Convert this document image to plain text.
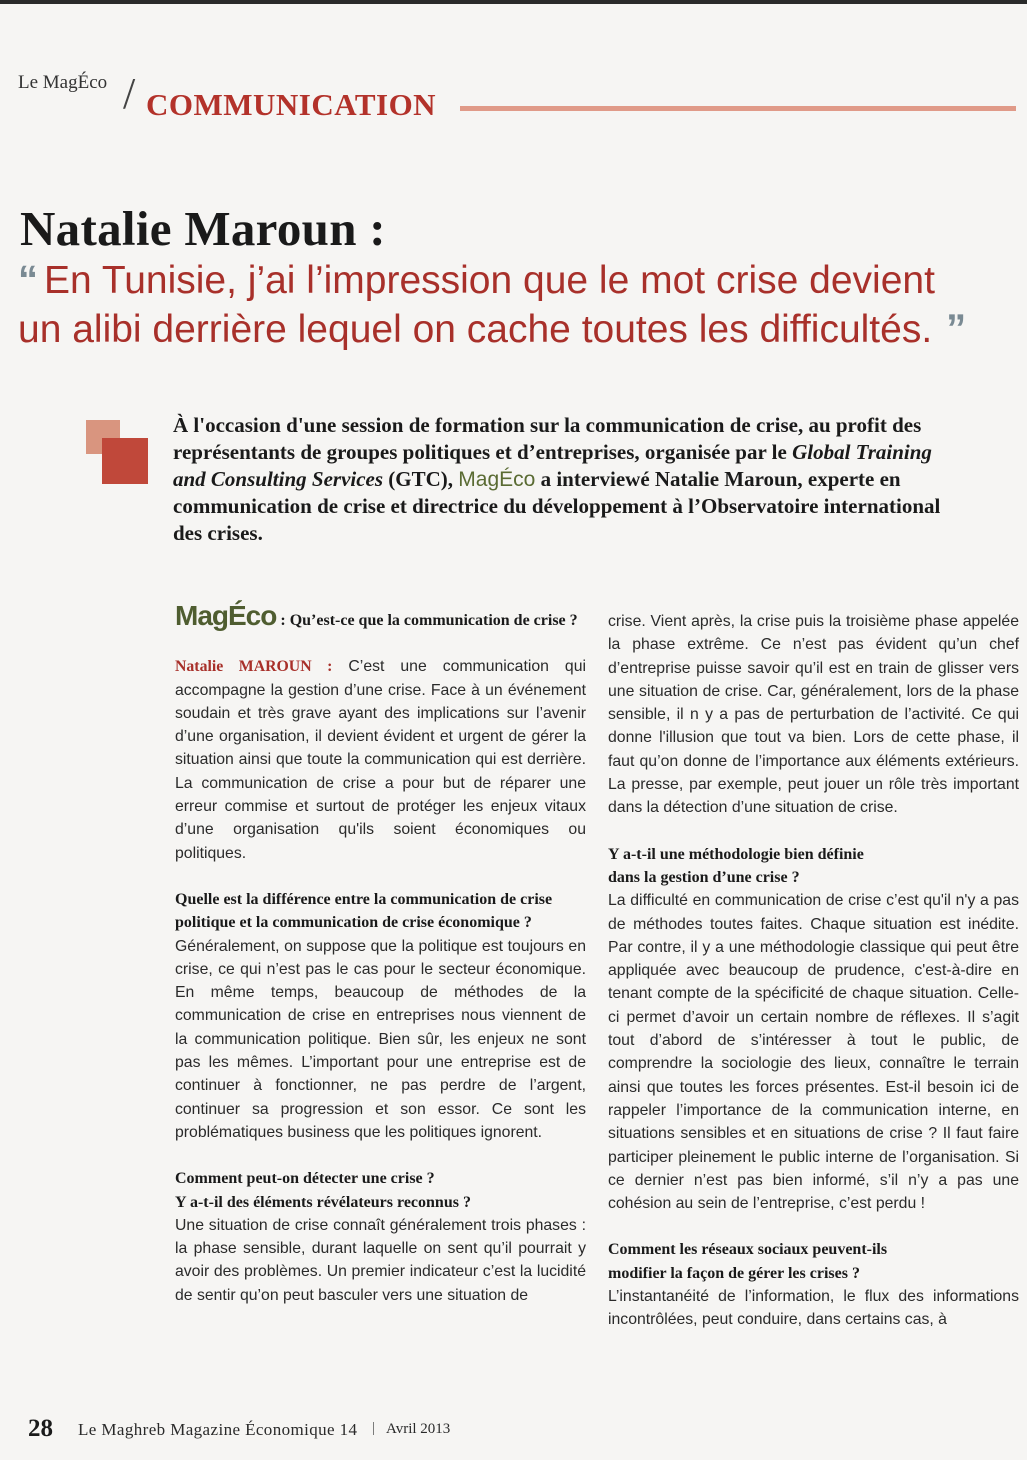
Le MagÉco / COMMUNICATION
Natalie Maroun :
“ En Tunisie, j’ai l’impression que le mot crise devient
un alibi derrière lequel on cache toutes les difficultés. ”
À l'occasion d'une session de formation sur la communication de crise, au profit des représentants de groupes politiques et d’entreprises, organisée par le Global Training and Consulting Services (GTC), MagÉco a interviewé Natalie Maroun, experte en communication de crise et directrice du développement à l’Observatoire international des crises.

MagÉco : Qu’est-ce que la communication de crise ?

Natalie MAROUN : C’est une communication qui accompagne la gestion d’une crise. Face à un événement soudain et très grave ayant des implications sur l’avenir d’une organisation, il devient évident et urgent de gérer la situation ainsi que toute la communication qui est derrière. La communication de crise a pour but de réparer une erreur commise et surtout de protéger les enjeux vitaux d’une organisation qu'ils soient économiques ou politiques.

Quelle est la différence entre la communication de crise politique et la communication de crise économique ?

Généralement, on suppose que la politique est toujours en crise, ce qui n’est pas le cas pour le secteur économique. En même temps, beaucoup de méthodes de la communication de crise en entreprises nous viennent de la communication politique. Bien sûr, les enjeux ne sont pas les mêmes. L’important pour une entreprise est de continuer à fonctionner, ne pas perdre de l’argent, continuer sa progression et son essor. Ce sont les problématiques business que les politiques ignorent.

Comment peut-on détecter une crise ?

Y a-t-il des éléments révélateurs reconnus ?

Une situation de crise connaît généralement trois phases : la phase sensible, durant laquelle on sent qu’il pourrait y avoir des problèmes. Un premier indicateur c’est la lucidité de sentir qu’on peut basculer vers une situation de

crise. Vient après, la crise puis la troisième phase appelée la phase extrême. Ce n’est pas évident qu’un chef d’entreprise puisse savoir qu’il est en train de glisser vers une situation de crise. Car, généralement, lors de la phase sensible, il n y a pas de perturbation de l’activité. Ce qui donne l'illusion que tout va bien. Lors de cette phase, il faut qu’on donne de l’importance aux éléments extérieurs. La presse, par exemple, peut jouer un rôle très important dans la détection d’une situation de crise.

Y a-t-il une méthodologie bien définie

dans la gestion d’une crise ?

La difficulté en communication de crise c’est qu'il n'y a pas de méthodes toutes faites. Chaque situation est inédite. Par contre, il y a une méthodologie classique qui peut être appliquée avec beaucoup de prudence, c'est-à-dire en tenant compte de la spécificité de chaque situation. Celle-ci permet d’avoir un certain nombre de réflexes. Il s’agit tout d’abord de s’intéresser à tout le public, de comprendre la sociologie des lieux, connaître le terrain ainsi que toutes les forces présentes. Est-il besoin ici de rappeler l’importance de la communication interne, en situations sensibles et en situations de crise ? Il faut faire participer pleinement le public interne de l’organisation. Si ce dernier n’est pas bien informé, s’il n’y a pas une cohésion au sein de l’entreprise, c’est perdu !

Comment les réseaux sociaux peuvent-ils

modifier la façon de gérer les crises ?

L’instantanéité de l’information, le flux des informations incontrôlées, peut conduire, dans certains cas, à

28 Le Maghreb Magazine Économique 14 | Avril 2013
